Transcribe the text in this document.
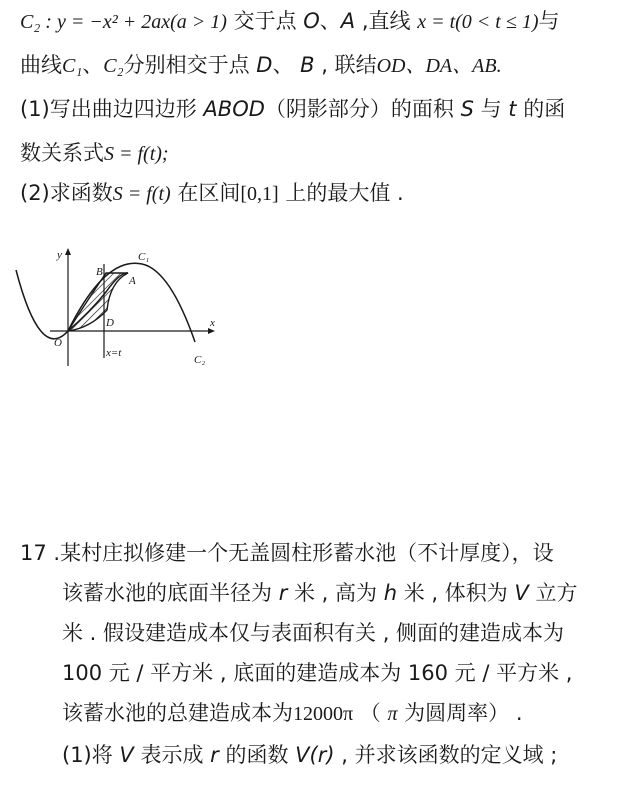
C₂ : y = −x² + 2ax(a > 1) 交于点 O、A ,直线 x = t(0 < t ≤ 1)与
曲线C₁、C₂分别相交于点 D、 B , 联结OD、DA、AB.
(1)写出曲边四边形 ABOD（阴影部分）的面积 S 与 t 的函
数关系式S = f(t);
(2)求函数S = f(t) 在区间[0,1] 上的最大值 .
y
x
O
B
A
D
C₁
C₂
x=t
17 .某村庄拟修建一个无盖圆柱形蓄水池（不计厚度），设
该蓄水池的底面半径为 r 米 , 高为 h 米 , 体积为 V 立方
米 . 假设建造成本仅与表面积有关 , 侧面的建造成本为
100 元 / 平方米 , 底面的建造成本为 160 元 / 平方米 ,
该蓄水池的总建造成本为12000π （ π 为圆周率） .
(1)将 V 表示成 r 的函数 V(r) , 并求该函数的定义域 ;
